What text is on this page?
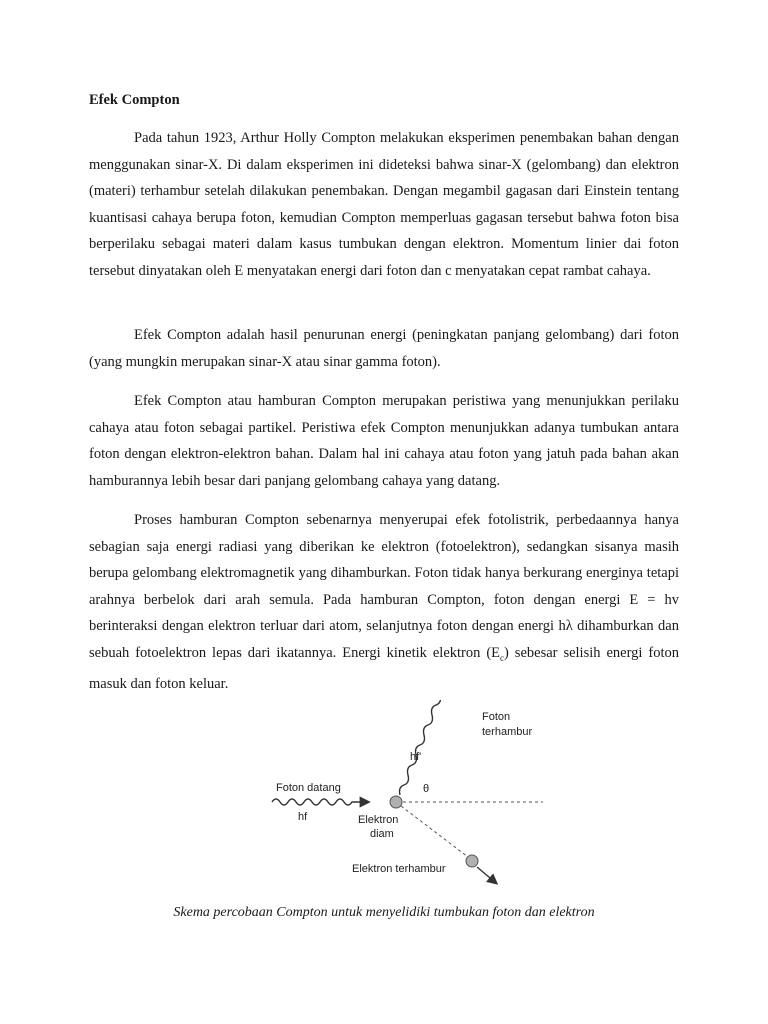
Efek Compton

Pada tahun 1923, Arthur Holly Compton melakukan eksperimen penembakan bahan dengan menggunakan sinar-X. Di dalam eksperimen ini dideteksi bahwa sinar-X (gelombang) dan elektron (materi) terhambur setelah dilakukan penembakan. Dengan megambil gagasan dari Einstein tentang kuantisasi cahaya berupa foton, kemudian Compton memperluas gagasan tersebut bahwa foton bisa berperilaku sebagai materi dalam kasus tumbukan dengan elektron. Momentum linier dai foton tersebut dinyatakan oleh E menyatakan energi dari foton dan c menyatakan cepat rambat cahaya.

Efek Compton adalah hasil penurunan energi (peningkatan panjang gelombang) dari foton (yang mungkin merupakan sinar-X atau sinar gamma foton).

Efek Compton atau hamburan Compton merupakan peristiwa yang menunjukkan perilaku cahaya atau foton sebagai partikel. Peristiwa efek Compton menunjukkan adanya tumbukan antara foton dengan elektron-elektron bahan. Dalam hal ini cahaya atau foton yang jatuh pada bahan akan hamburannya lebih besar dari panjang gelombang cahaya yang datang.

Proses hamburan Compton sebenarnya menyerupai efek fotolistrik, perbedaannya hanya sebagian saja energi radiasi yang diberikan ke elektron (fotoelektron), sedangkan sisanya masih berupa gelombang elektromagnetik yang dihamburkan. Foton tidak hanya berkurang energinya tetapi arahnya berbelok dari arah semula. Pada hamburan Compton, foton dengan energi E = hv berinteraksi dengan elektron terluar dari atom, selanjutnya foton dengan energi hλ dihamburkan dan sebuah fotoelektron lepas dari ikatannya. Energi kinetik elektron $(E_c)$ sebesar selisih energi foton masuk dan foton keluar.

Foton datang
hf	Elektron
diam
θ
hf'
Foton
terhambur
Elektron terhambur

Skema percobaan Compton untuk menyelidiki tumbukan foton dan elektron
